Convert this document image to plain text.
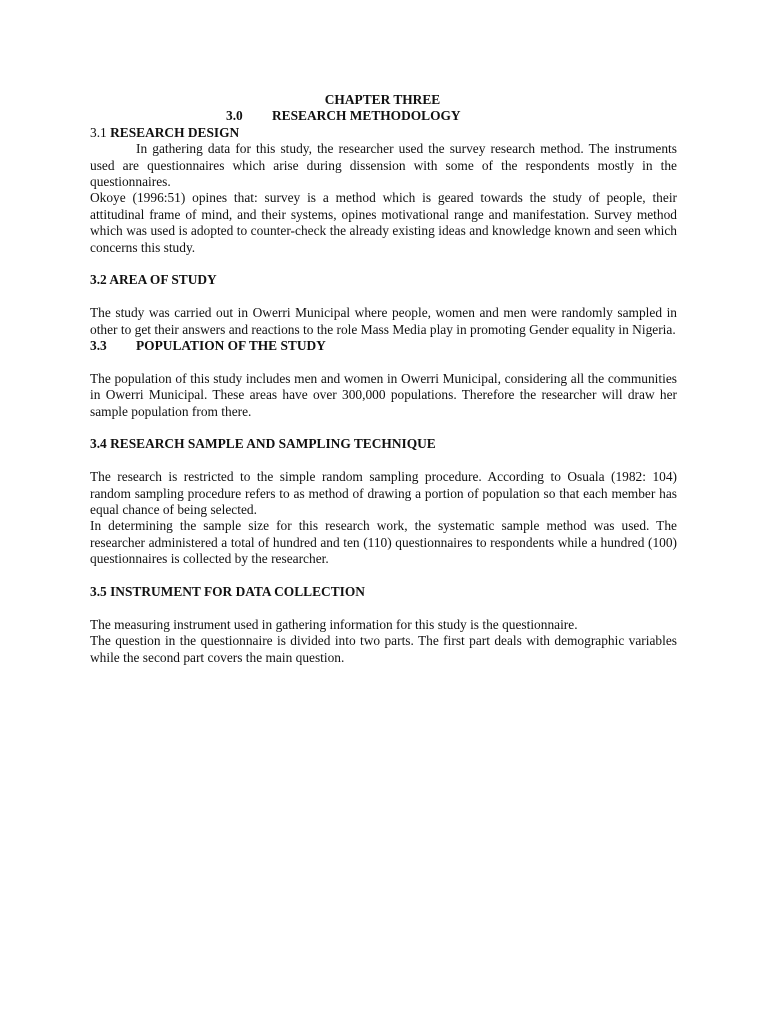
CHAPTER THREE
3.0 RESEARCH METHODOLOGY
3.1 RESEARCH DESIGN

In gathering data for this study, the researcher used the survey research method. The instruments used are questionnaires which arise during dissension with some of the respondents mostly in the questionnaires.

Okoye (1996:51) opines that: survey is a method which is geared towards the study of people, their attitudinal frame of mind, and their systems, opines motivational range and manifestation. Survey method which was used is adopted to counter-check the already existing ideas and knowledge known and seen which concerns this study.

3.2 AREA OF STUDY

The study was carried out in Owerri Municipal where people, women and men were randomly sampled in other to get their answers and reactions to the role Mass Media play in promoting Gender equality in Nigeria.

3.3 POPULATION OF THE STUDY

The population of this study includes men and women in Owerri Municipal, considering all the communities in Owerri Municipal. These areas have over 300,000 populations. Therefore the researcher will draw her sample population from there.

3.4 RESEARCH SAMPLE AND SAMPLING TECHNIQUE

The research is restricted to the simple random sampling procedure. According to Osuala (1982: 104) random sampling procedure refers to as method of drawing a portion of population so that each member has equal chance of being selected.

In determining the sample size for this research work, the systematic sample method was used. The researcher administered a total of hundred and ten (110) questionnaires to respondents while a hundred (100) questionnaires is collected by the researcher.

3.5 INSTRUMENT FOR DATA COLLECTION

The measuring instrument used in gathering information for this study is the questionnaire.

The question in the questionnaire is divided into two parts. The first part deals with demographic variables while the second part covers the main question.
